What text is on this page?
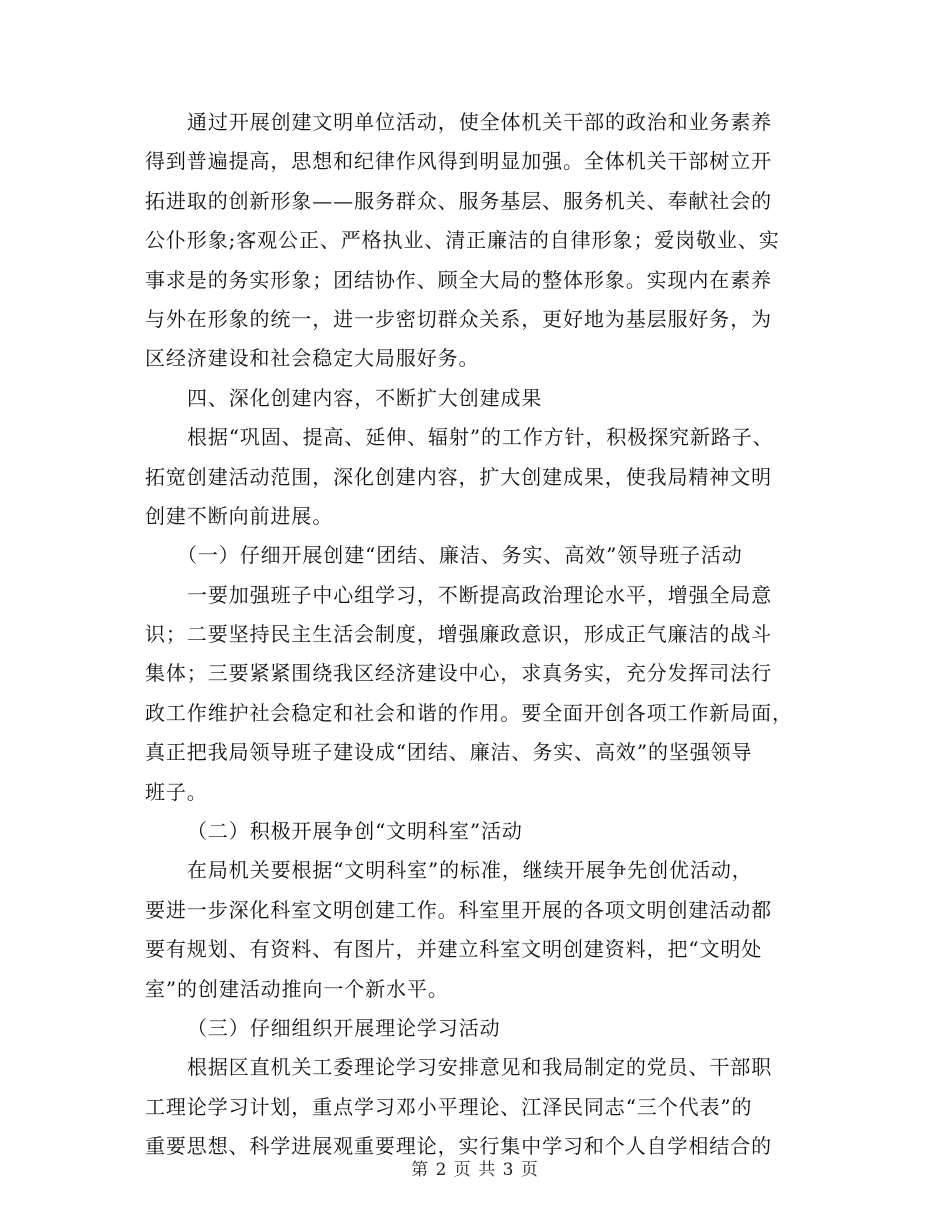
通过开展创建文明单位活动，使全体机关干部的政治和业务素养
得到普遍提高，思想和纪律作风得到明显加强。全体机关干部树立开
拓进取的创新形象——服务群众、服务基层、服务机关、奉献社会的
公仆形象;客观公正、严格执业、清正廉洁的自律形象；爱岗敬业、实
事求是的务实形象；团结协作、顾全大局的整体形象。实现内在素养
与外在形象的统一，进一步密切群众关系，更好地为基层服好务，为
区经济建设和社会稳定大局服好务。
四、深化创建内容，不断扩大创建成果
根据“巩固、提高、延伸、辐射”的工作方针，积极探究新路子、
拓宽创建活动范围，深化创建内容，扩大创建成果，使我局精神文明
创建不断向前进展。
（一）仔细开展创建“团结、廉洁、务实、高效”领导班子活动
一要加强班子中心组学习，不断提高政治理论水平，增强全局意
识；二要坚持民主生活会制度，增强廉政意识，形成正气廉洁的战斗
集体；三要紧紧围绕我区经济建设中心，求真务实，充分发挥司法行
政工作维护社会稳定和社会和谐的作用。要全面开创各项工作新局面，
真正把我局领导班子建设成“团结、廉洁、务实、高效”的坚强领导
班子。
（二）积极开展争创“文明科室”活动
在局机关要根据“文明科室”的标准，继续开展争先创优活动，
要进一步深化科室文明创建工作。科室里开展的各项文明创建活动都
要有规划、有资料、有图片，并建立科室文明创建资料，把“文明处
室”的创建活动推向一个新水平。
（三）仔细组织开展理论学习活动
根据区直机关工委理论学习安排意见和我局制定的党员、干部职
工理论学习计划，重点学习邓小平理论、江泽民同志“三个代表”的
重要思想、科学进展观重要理论，实行集中学习和个人自学相结合的
第 2 页 共 3 页
